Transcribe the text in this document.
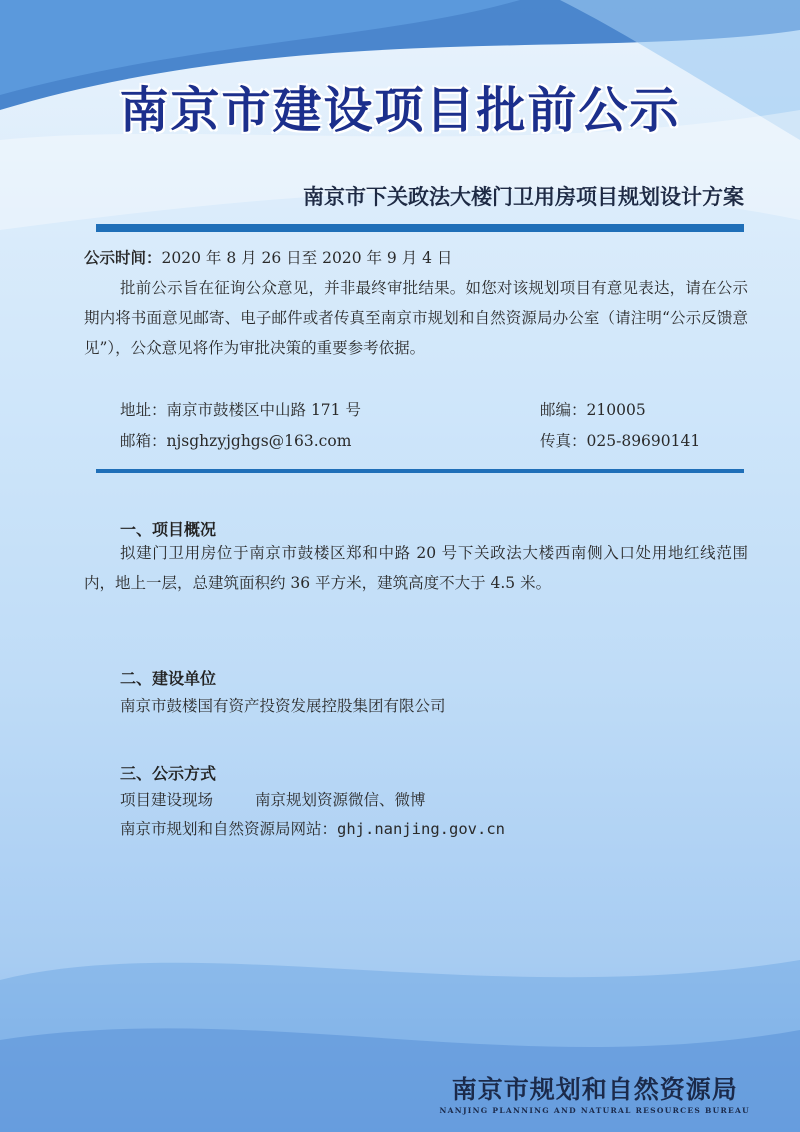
南京市建设项目批前公示
南京市下关政法大楼门卫用房项目规划设计方案
公示时间：2020 年 8 月 26 日至 2020 年 9 月 4 日
批前公示旨在征询公众意见，并非最终审批结果。如您对该规划项目有意见表达，请在公示期内将书面意见邮寄、电子邮件或者传真至南京市规划和自然资源局办公室（请注明“公示反馈意见”），公众意见将作为审批决策的重要参考依据。
地址：南京市鼓楼区中山路 171 号	邮编：210005
邮箱：njsghzyjghgs@163.com	传真：025-89690141
一、项目概况
拟建门卫用房位于南京市鼓楼区郑和中路 20 号下关政法大楼西南侧入口处用地红线范围内，地上一层，总建筑面积约 36 平方米，建筑高度不大于 4.5 米。
二、建设单位
南京市鼓楼国有资产投资发展控股集团有限公司
三、公示方式
项目建设现场	南京规划资源微信、微博
南京市规划和自然资源局网站：ghj.nanjing.gov.cn
南京市规划和自然资源局
NANJING PLANNING AND NATURAL RESOURCES BUREAU
